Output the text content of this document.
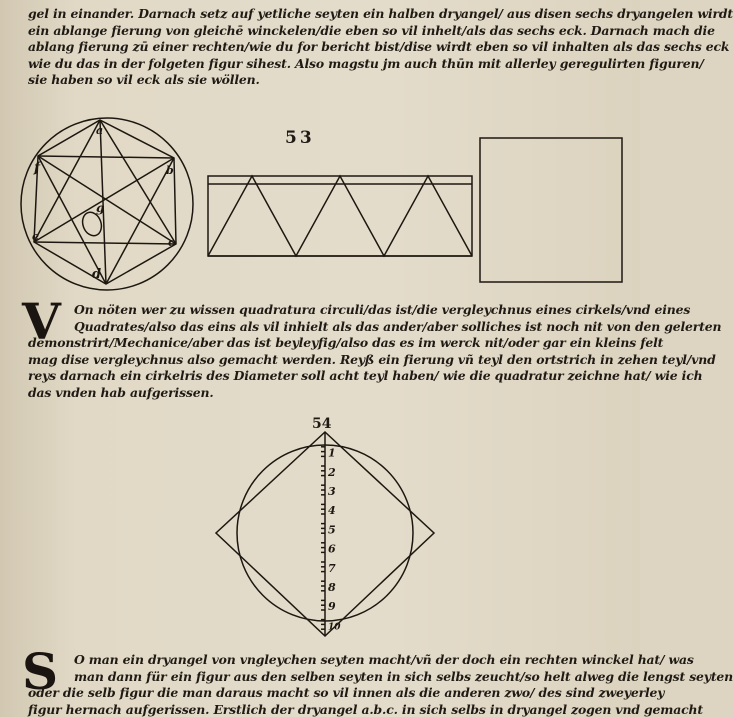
gel in einander. Darnach setz auf yetliche seyten ein halben dryangel/ aus disen sechs dryangelen wirdt
ein ablange fierung von gleichē winckelen/die eben so vil inhelt/als das sechs eck. Darnach mach die
ablang fierung zū einer rechten/wie du for bericht bist/dise wirdt eben so vil inhalten als das sechs eck
wie du das in der folgeten figur sihest. Also magstu jm auch thūn mit allerley geregulirten figuren/
sie haben so vil eck als sie wöllen.
a
b
c
d
e
f
g
53
V	On nöten wer zu wissen quadratura circuli/das ist/die vergleychnus eines cirkels/vnd eines
Quadrates/also das eins als vil inhielt als das ander/aber solliches ist noch nit von den gelerten
demonstrirt/Mechanice/aber das ist beyleyfig/also das es im werck nit/oder gar ein kleins felt
mag dise vergleychnus also gemacht werden. Reyß ein fierung vñ teyl den ortstrich in zehen teyl/vnd
reys darnach ein cirkelris des Diameter soll acht teyl haben/ wie die quadratur zeichne hat/ wie ich
das vnden hab aufgerissen.
54
1
2
3
4
5
6
7
8
9
10
S	O man ein dryangel von vngleychen seyten macht/vñ der doch ein rechten winckel hat/ was
man dann für ein figur aus den selben seyten in sich selbs zeucht/so helt alweg die lengst seyten
oder die selb figur die man daraus macht so vil innen als die anderen zwo/ des sind zweyerley
figur hernach aufgerissen. Erstlich der dryangel a.b.c. in sich selbs in dryangel zogen vnd gemacht
